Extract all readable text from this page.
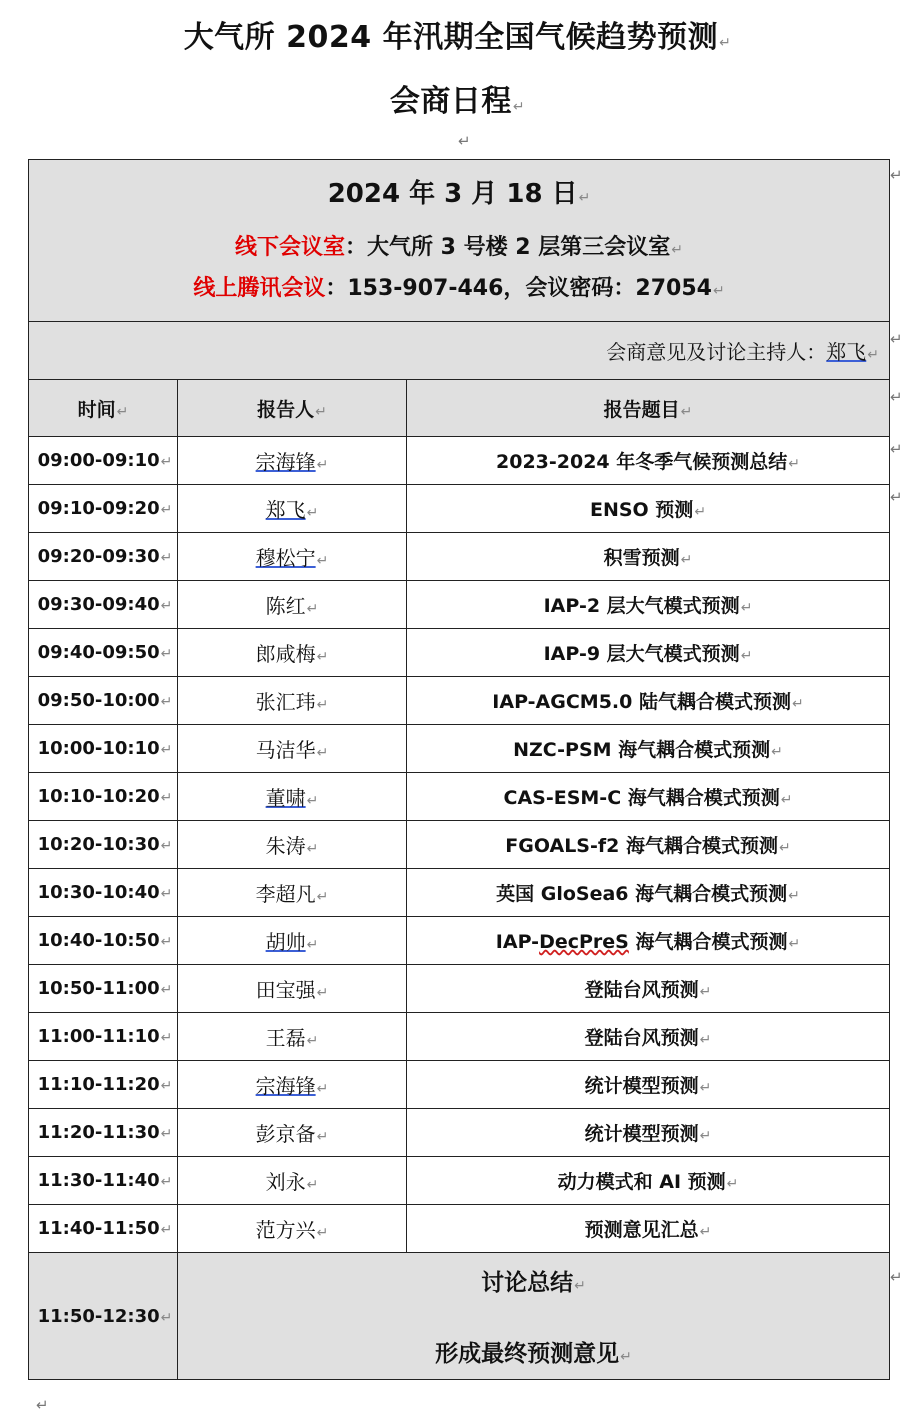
大气所 2024 年汛期全国气候趋势预测↵
会商日程↵
↵
2024 年 3 月 18 日↵
线下会议室：大气所 3 号楼 2 层第三会议室↵
线上腾讯会议：153-907-446，会议密码：27054↵		

会商意见及讨论主持人：郑飞↵		
时间↵	报告人↵	报告题目↵
09:00-09:10↵	宗海锋↵	2023-2024 年冬季气候预测总结↵
09:10-09:20↵	郑飞↵	ENSO 预测↵
09:20-09:30↵	穆松宁↵	积雪预测↵
09:30-09:40↵	陈红↵	IAP-2 层大气模式预测↵
09:40-09:50↵	郎咸梅↵	IAP-9 层大气模式预测↵
09:50-10:00↵	张汇玮↵	IAP-AGCM5.0 陆气耦合模式预测↵
10:00-10:10↵	马洁华↵	NZC-PSM 海气耦合模式预测↵
10:10-10:20↵	董啸↵	CAS-ESM-C 海气耦合模式预测↵
10:20-10:30↵	朱涛↵	FGOALS-f2 海气耦合模式预测↵
10:30-10:40↵	李超凡↵	英国 GloSea6 海气耦合模式预测↵
10:40-10:50↵	胡帅↵	IAP-DecPreS 海气耦合模式预测↵
10:50-11:00↵	田宝强↵	登陆台风预测↵
11:00-11:10↵	王磊↵	登陆台风预测↵
11:10-11:20↵	宗海锋↵	统计模型预测↵
11:20-11:30↵	彭京备↵	统计模型预测↵
11:30-11:40↵	刘永↵	动力模式和 AI 预测↵
11:40-11:50↵	范方兴↵	预测意见汇总↵
11:50-12:30↵	讨论总结↵
形成最终预测意见↵	
↵
↵
↵
↵
↵
↵
↵
